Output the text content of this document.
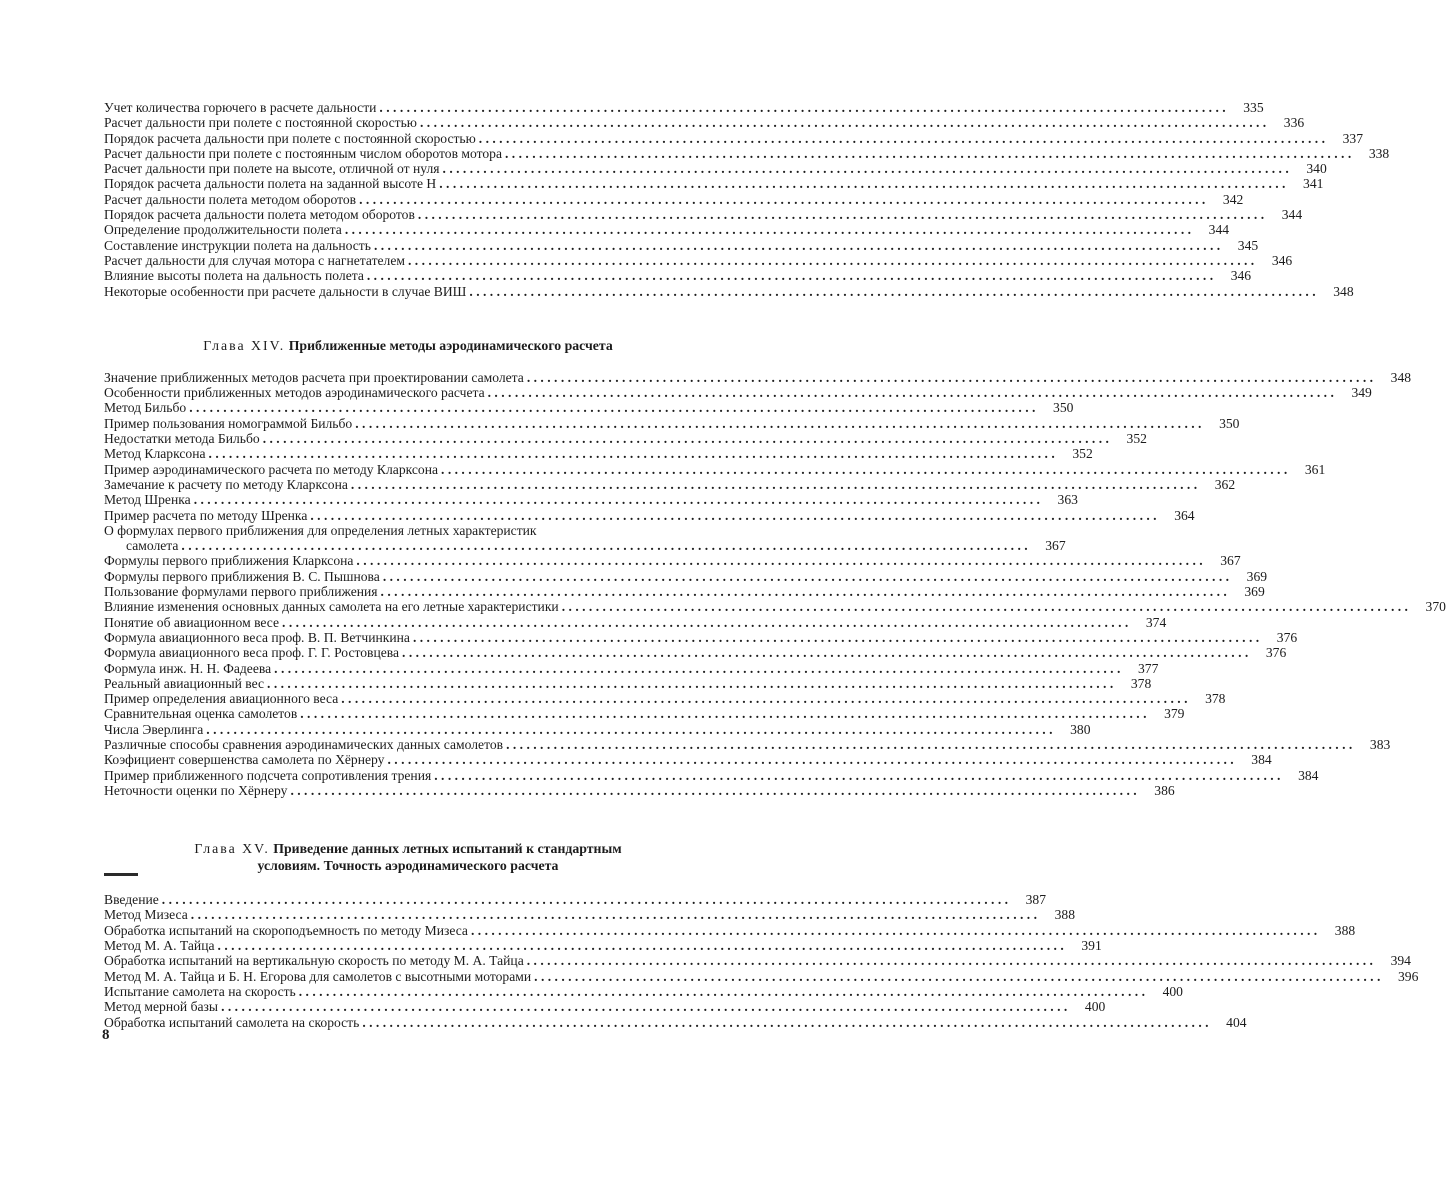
Учет количества горючего в расчете дальности . . .	335
Расчет дальности при полете с постоянной скоростью . . .	336
Порядок расчета дальности при полете с постоянной скоростью . . .	337
Расчет дальности при полете с постоянным числом оборотов мотора . . .	338
Расчет дальности при полете на высоте, отличной от нуля . . .	340
Порядок расчета дальности полета на заданной высоте H . . .	341
Расчет дальности полета методом оборотов . . .	342
Порядок расчета дальности полета методом оборотов . . .	344
Определение продолжительности полета . . .	344
Составление инструкции полета на дальность . . .	345
Расчет дальности для случая мотора с нагнетателем . . .	346
Влияние высоты полета на дальность полета . . .	346
Некоторые особенности при расчете дальности в случае ВИШ . . .	348
Глава XIV. Приближенные методы аэродинамического расчета
Значение приближенных методов расчета при проектировании самолета . . .	348
Особенности приближенных методов аэродинамического расчета . . .	349
Метод Бильбо . . .	350
Пример пользования номограммой Бильбо . . .	350
Недостатки метода Бильбо . . .	352
Метод Кларксона . . .	352
Пример аэродинамического расчета по методу Кларксона . . .	361
Замечание к расчету по методу Кларксона . . .	362
Метод Шренка . . .	363
Пример расчета по методу Шренка . . .	364
О формулах первого приближения для определения летных характеристик
самолета . . .	367
Формулы первого приближения Кларксона . . .	367
Формулы первого приближения В. С. Пышнова . . .	369
Пользование формулами первого приближения . . .	369
Влияние изменения основных данных самолета на его летные характеристики . . .	370
Понятие об авиационном весе . . .	374
Формула авиационного веса проф. В. П. Ветчинкина . . .	376
Формула авиационного веса проф. Г. Г. Ростовцева . . .	376
Формула инж. Н. Н. Фадеева . . .	377
Реальный авиационный вес . . .	378
Пример определения авиационного веса . . .	378
Сравнительная оценка самолетов . . .	379
Числа Эверлинга . . .	380
Различные способы сравнения аэродинамических данных самолетов . . .	383
Коэфициент совершенства самолета по Хёрнеру . . .	384
Пример приближенного подсчета сопротивления трения . . .	384
Неточности оценки по Хёрнеру . . .	386
Глава XV. Приведение данных летных испытаний к стандартным
условиям. Точность аэродинамического расчета
Введение . . .	387
Метод Мизеса . . .	388
Обработка испытаний на скороподъемность по методу Мизеса . . .	388
Метод М. А. Тайца . . .	391
Обработка испытаний на вертикальную скорость по методу М. А. Тайца . . .	394
Метод М. А. Тайца и Б. Н. Егорова для самолетов с высотными моторами . . .	396
Испытание самолета на скорость . . .	400
Метод мерной базы . . .	400
Обработка испытаний самолета на скорость . . .	404
8
